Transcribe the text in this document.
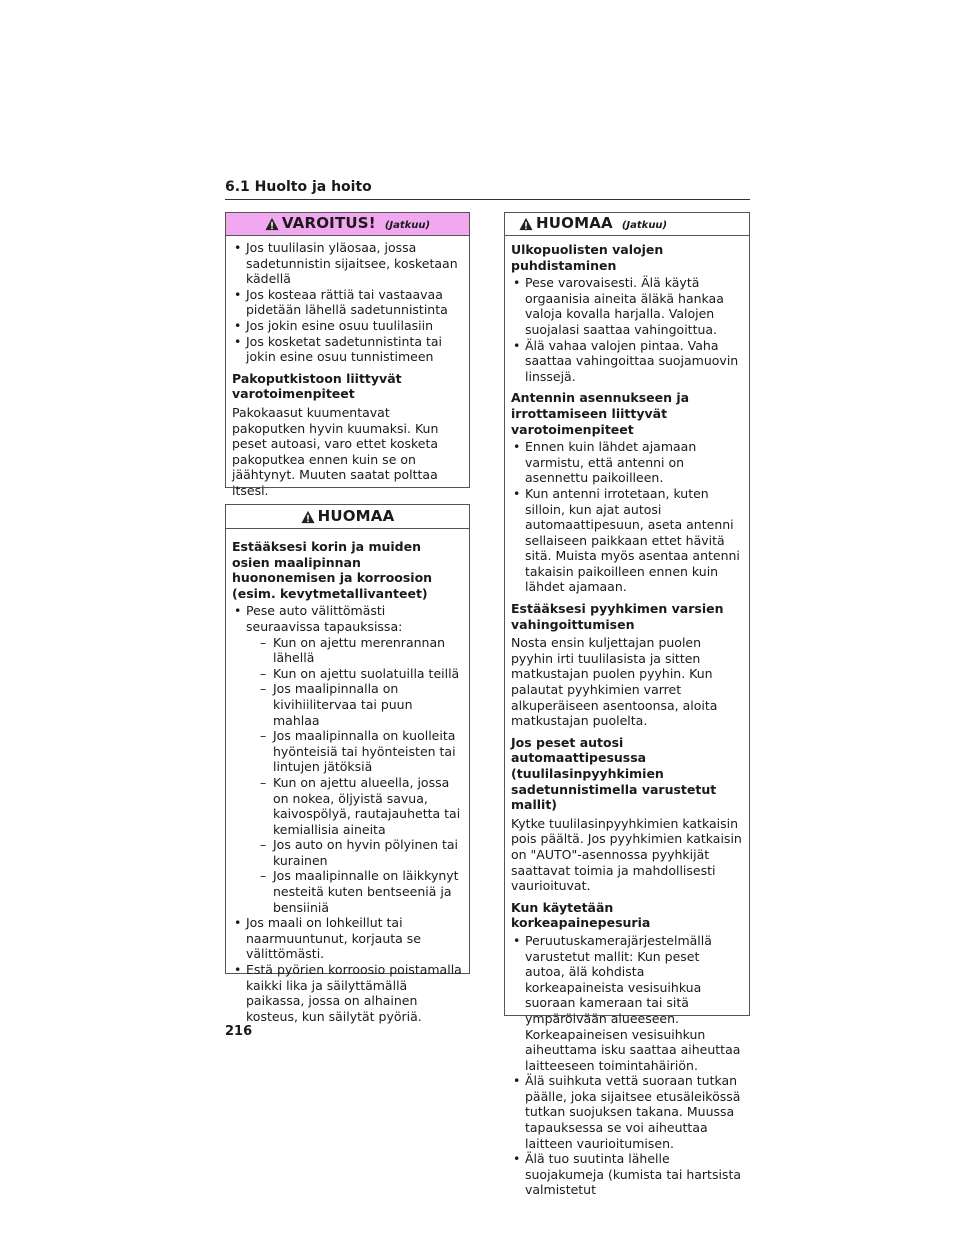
6.1 Huolto ja hoito
VAROITUS! (Jatkuu)
• Jos tuulilasin yläosaa, jossa sadetunnistin sijaitsee, kosketaan kädellä
• Jos kosteaa rättiä tai vastaavaa pidetään lähellä sadetunnistinta
• Jos jokin esine osuu tuulilasiin
• Jos kosketat sadetunnistinta tai jokin esine osuu tunnistimeen
Pakoputkistoon liittyvät varotoimenpiteet
Pakokaasut kuumentavat pakoputken hyvin kuumaksi. Kun peset autoasi, varo ettet kosketa pakoputkea ennen kuin se on jäähtynyt. Muuten saatat polttaa itsesi.
HUOMAA
Estääksesi korin ja muiden osien maalipinnan huononemisen ja korroosion (esim. kevytmetallivanteet)
• Pese auto välittömästi seuraavissa tapauksissa:
– Kun on ajettu merenrannan lähellä
– Kun on ajettu suolatuilla teillä
– Jos maalipinnalla on kivihiilitervaa tai puun mahlaa
– Jos maalipinnalla on kuolleita hyönteisiä tai hyönteisten tai lintujen jätöksiä
– Kun on ajettu alueella, jossa on nokea, öljyistä savua, kaivospölyä, rautajauhetta tai kemiallisia aineita
– Jos auto on hyvin pölyinen tai kurainen
– Jos maalipinnalle on läikkynyt nesteitä kuten bentseeniä ja bensiiniä
• Jos maali on lohkeillut tai naarmuuntunut, korjauta se välittömästi.
• Estä pyörien korroosio poistamalla kaikki lika ja säilyttämällä paikassa, jossa on alhainen kosteus, kun säilytät pyöriä.
HUOMAA (Jatkuu)
Ulkopuolisten valojen puhdistaminen
• Pese varovaisesti. Älä käytä orgaanisia aineita äläkä hankaa valoja kovalla harjalla. Valojen suojalasi saattaa vahingoittua.
• Älä vahaa valojen pintaa. Vaha saattaa vahingoittaa suojamuovin linssejä.
Antennin asennukseen ja irrottamiseen liittyvät varotoimenpiteet
• Ennen kuin lähdet ajamaan varmistu, että antenni on asennettu paikoilleen.
• Kun antenni irrotetaan, kuten silloin, kun ajat autosi automaattipesuun, aseta antenni sellaiseen paikkaan ettet hävitä sitä. Muista myös asentaa antenni takaisin paikoilleen ennen kuin lähdet ajamaan.
Estääksesi pyyhkimen varsien vahingoittumisen
Nosta ensin kuljettajan puolen pyyhin irti tuulilasista ja sitten matkustajan puolen pyyhin. Kun palautat pyyhkimien varret alkuperäiseen asentoonsa, aloita matkustajan puolelta.
Jos peset autosi automaattipesussa (tuulilasinpyyhkimien sadetunnistimella varustetut mallit)
Kytke tuulilasinpyyhkimien katkaisin pois päältä. Jos pyyhkimien katkaisin on "AUTO"-asennossa pyyhkijät saattavat toimia ja mahdollisesti vaurioituvat.
Kun käytetään korkeapainepesuria
• Peruutuskamerajärjestelmällä varustetut mallit: Kun peset autoa, älä kohdista korkeapaineista vesisuihkua suoraan kameraan tai sitä ympäröivään alueeseen. Korkeapaineisen vesisuihkun aiheuttama isku saattaa aiheuttaa laitteeseen toimintahäiriön.
• Älä suihkuta vettä suoraan tutkan päälle, joka sijaitsee etusäleikössä tutkan suojuksen takana. Muussa tapauksessa se voi aiheuttaa laitteen vaurioitumisen.
• Älä tuo suutinta lähelle suojakumeja (kumista tai hartsista valmistetut
216
